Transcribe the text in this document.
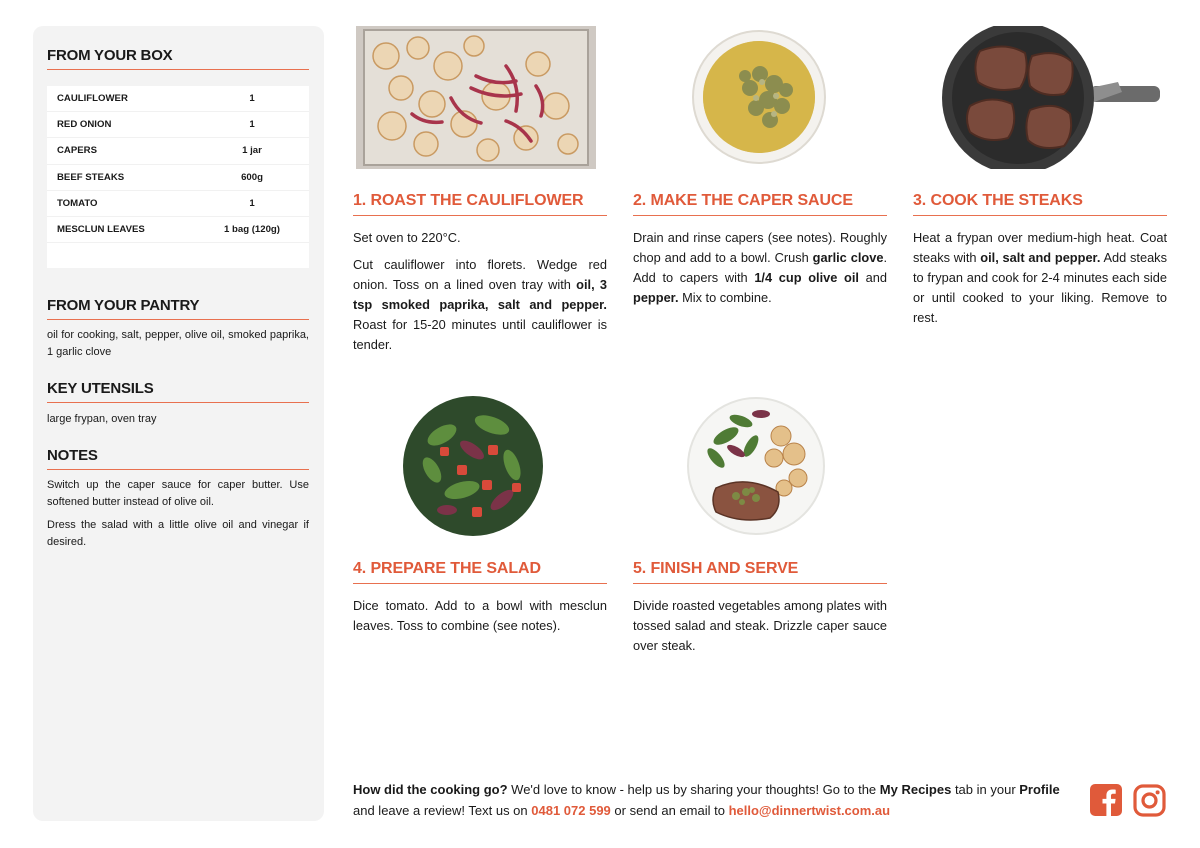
FROM YOUR BOX
CAULIFLOWER	1
RED ONION	1
CAPERS	1 jar
BEEF STEAKS	600g
TOMATO	1
MESCLUN LEAVES	1 bag (120g)
FROM YOUR PANTRY
oil for cooking, salt, pepper, olive oil, smoked paprika, 1 garlic clove
KEY UTENSILS
large frypan, oven tray
NOTES

Switch up the caper sauce for caper butter. Use softened butter instead of olive oil.

Dress the salad with a little olive oil and vinegar if desired.

1. ROAST THE CAULIFLOWER

Set oven to 220°C.

Cut cauliflower into florets. Wedge red onion. Toss on a lined oven tray with oil, 3 tsp smoked paprika, salt and pepper. Roast for 15-20 minutes until cauliflower is tender.

2. MAKE THE CAPER SAUCE

Drain and rinse capers (see notes). Roughly chop and add to a bowl. Crush garlic clove. Add to capers with 1/4 cup olive oil and pepper. Mix to combine.

3. COOK THE STEAKS

Heat a frypan over medium-high heat. Coat steaks with oil, salt and pepper. Add steaks to frypan and cook for 2-4 minutes each side or until cooked to your liking. Remove to rest.

4. PREPARE THE SALAD

Dice tomato. Add to a bowl with mesclun leaves. Toss to combine (see notes).

5. FINISH AND SERVE

Divide roasted vegetables among plates with tossed salad and steak. Drizzle caper sauce over steak.

How did the cooking go? We'd love to know - help us by sharing your thoughts! Go to the My Recipes tab in your Profile and leave a review! Text us on 0481 072 599 or send an email to hello@dinnertwist.com.au
